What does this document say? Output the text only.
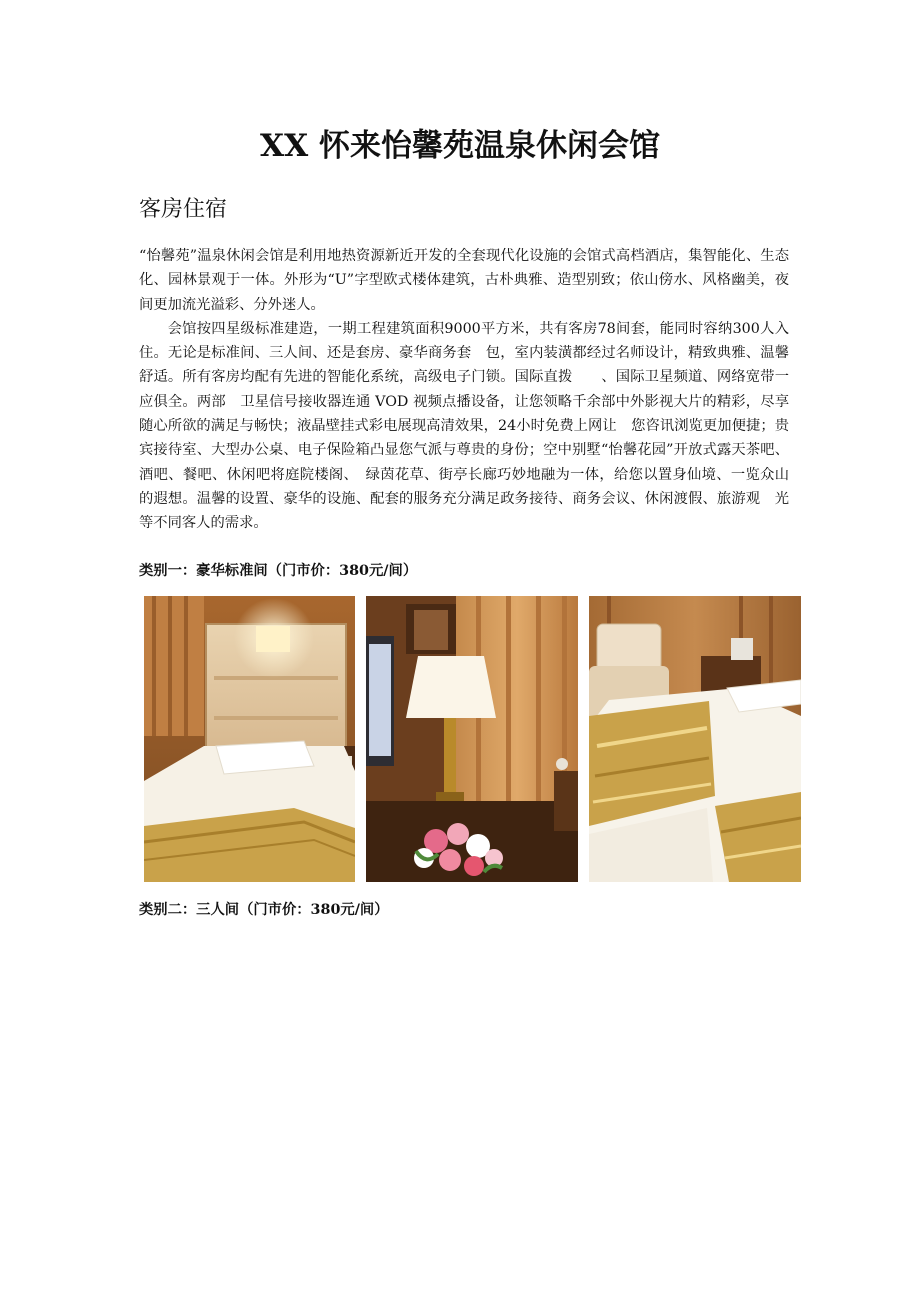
XX 怀来怡馨苑温泉休闲会馆
客房住宿

“怡馨苑”温泉休闲会馆是利用地热资源新近开发的全套现代化设施的会馆式高档酒店，集智能化、生态化、园林景观于一体。外形为“U”字型欧式楼体建筑，古朴典雅、造型别致；依山傍水、风格幽美，夜间更加流光溢彩、分外迷人。

会馆按四星级标准建造，一期工程建筑面积9000平方米，共有客房78间套，能同时容纳300人入住。无论是标准间、三人间、还是套房、豪华商务套　包，室内装潢都经过名师设计，精致典雅、温馨舒适。所有客房均配有先进的智能化系统，高级电子门锁。国际直拨　　、国际卫星频道、网络宽带一应俱全。两部　卫星信号接收器连通 VOD 视频点播设备，让您领略千余部中外影视大片的精彩，尽享随心所欲的满足与畅快；液晶壁挂式彩电展现高清效果，24小时免费上网让　您咨讯浏览更加便捷；贵宾接待室、大型办公桌、电子保险箱凸显您气派与尊贵的身份；空中别墅“怡馨花园”开放式露天茶吧、酒吧、餐吧、休闲吧将庭院楼阁、　绿茵花草、街亭长廊巧妙地融为一体，给您以置身仙境、一览众山的遐想。温馨的设置、豪华的设施、配套的服务充分满足政务接待、商务会议、休闲渡假、旅游观　光等不同客人的需求。

类别一：豪华标准间（门市价：380元/间）
类别二：三人间（门市价：380元/间）
